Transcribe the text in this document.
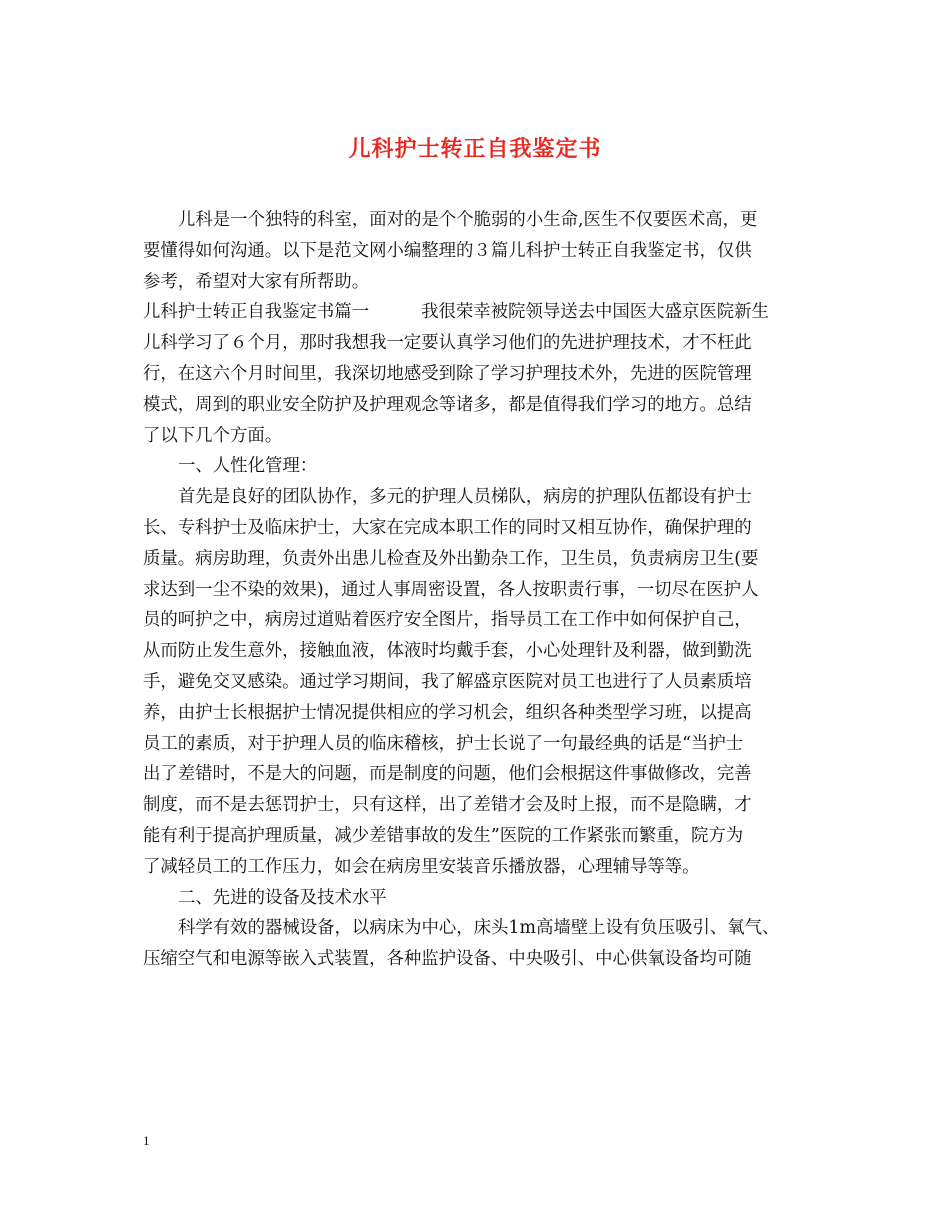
儿科护士转正自我鉴定书
儿科是一个独特的科室，面对的是个个脆弱的小生命,医生不仅要医术高，更
要懂得如何沟通。以下是范文网小编整理的３篇儿科护士转正自我鉴定书，仅供
参考，希望对大家有所帮助。
儿科护士转正自我鉴定书篇一	我很荣幸被院领导送去中国医大盛京医院新生
儿科学习了６个月，那时我想我一定要认真学习他们的先进护理技术，才不枉此
行，在这六个月时间里，我深切地感受到除了学习护理技术外，先进的医院管理
模式，周到的职业安全防护及护理观念等诸多，都是值得我们学习的地方。总结
了以下几个方面。
一、人性化管理：
首先是良好的团队协作，多元的护理人员梯队，病房的护理队伍都设有护士
长、专科护士及临床护士，大家在完成本职工作的同时又相互协作，确保护理的
质量。病房助理，负责外出患儿检查及外出勤杂工作，卫生员，负责病房卫生(要
求达到一尘不染的效果)，通过人事周密设置，各人按职责行事，一切尽在医护人
员的呵护之中，病房过道贴着医疗安全图片，指导员工在工作中如何保护自己，
从而防止发生意外，接触血液，体液时均戴手套，小心处理针及利器，做到勤洗
手，避免交叉感染。通过学习期间，我了解盛京医院对员工也进行了人员素质培
养，由护士长根据护士情况提供相应的学习机会，组织各种类型学习班，以提高
员工的素质，对于护理人员的临床稽核，护士长说了一句最经典的话是“当护士
出了差错时，不是大的问题，而是制度的问题，他们会根据这件事做修改，完善
制度，而不是去惩罚护士，只有这样，出了差错才会及时上报，而不是隐瞒，才
能有利于提高护理质量，减少差错事故的发生”医院的工作紧张而繁重，院方为
了减轻员工的工作压力，如会在病房里安装音乐播放器，心理辅导等等。
二、先进的设备及技术水平
科学有效的器械设备，以病床为中心，床头1m高墙壁上设有负压吸引、氧气、
压缩空气和电源等嵌入式装置，各种监护设备、中央吸引、中心供氧设备均可随
1
